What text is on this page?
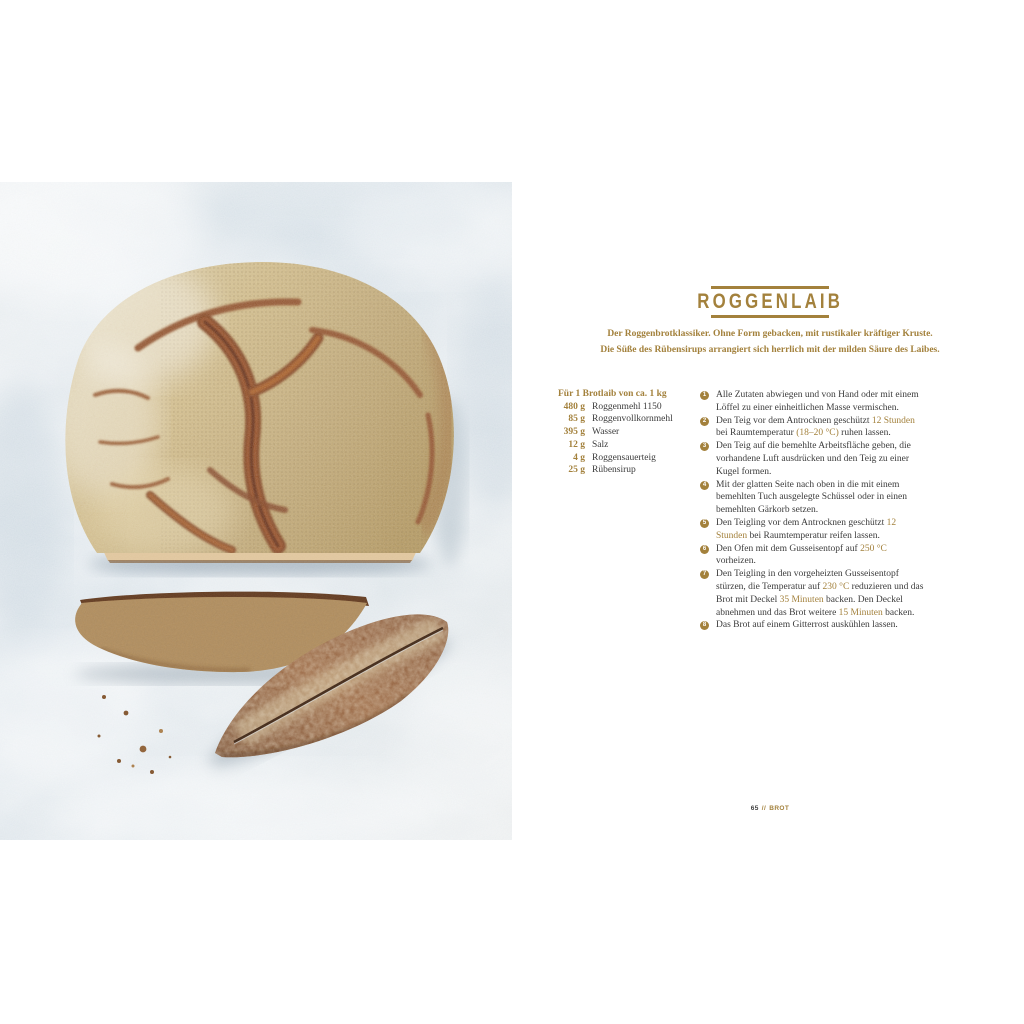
ROGGENLAIB

Der Roggenbrotklassiker. Ohne Form gebacken, mit rustikaler kräftiger Kruste.
Die Süße des Rübensirups arrangiert sich herrlich mit der milden Säure des Laibes.

Für 1 Brotlaib von ca. 1 kg
480 g Roggenmehl 1150
85 g Roggenvollkornmehl
395 g Wasser
12 g Salz
4 g Roggensauerteig
25 g Rübensirup
1 Alle Zutaten abwiegen und von Hand oder mit einem Löffel zu einer einheitlichen Masse vermischen.
2 Den Teig vor dem Antrocknen geschützt 12 Stunden bei Raumtemperatur (18–20 °C) ruhen lassen.
3 Den Teig auf die bemehlte Arbeitsfläche geben, die vorhandene Luft ausdrücken und den Teig zu einer Kugel formen.
4 Mit der glatten Seite nach oben in die mit einem bemehlten Tuch ausgelegte Schüssel oder in einen bemehlten Gärkorb setzen.
5 Den Teigling vor dem Antrocknen geschützt 12 Stunden bei Raumtemperatur reifen lassen.
6 Den Ofen mit dem Gusseisentopf auf 250 °C vorheizen.
7 Den Teigling in den vorgeheizten Gusseisentopf stürzen, die Temperatur auf 230 °C reduzieren und das Brot mit Deckel 35 Minuten backen. Den Deckel abnehmen und das Brot weitere 15 Minuten backen.
8 Das Brot auf einem Gitterrost auskühlen lassen.
65 // BROT
